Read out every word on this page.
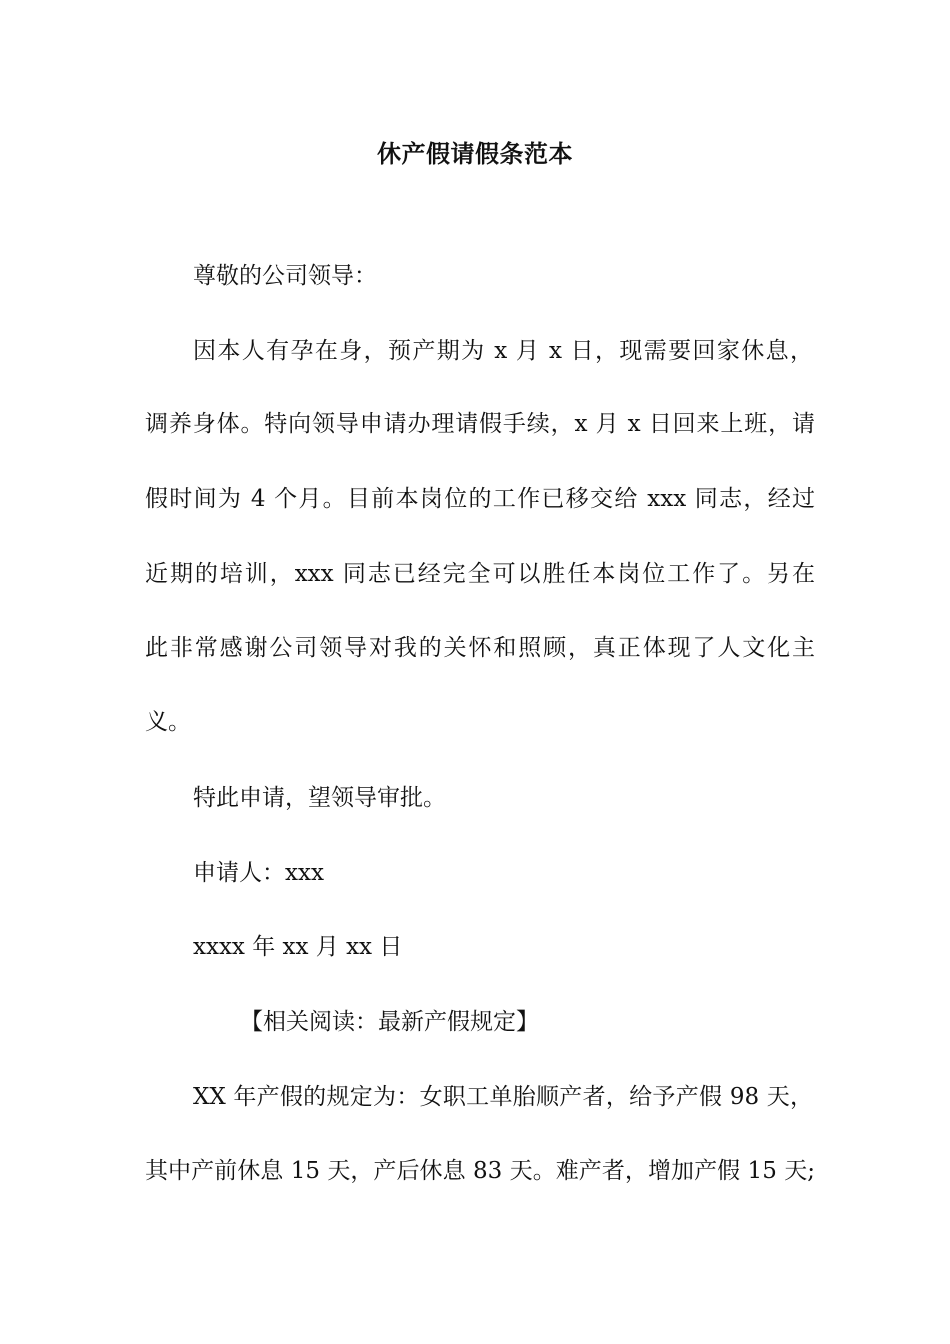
休产假请假条范本
尊敬的公司领导：
因本人有孕在身，预产期为 x 月 x 日，现需要回家休息，
调养身体。特向领导申请办理请假手续，x 月 x 日回来上班，请
假时间为 4 个月。目前本岗位的工作已移交给 xxx 同志，经过
近期的培训，xxx 同志已经完全可以胜任本岗位工作了。另在
此非常感谢公司领导对我的关怀和照顾，真正体现了人文化主
义。
特此申请，望领导审批。
申请人：xxx
xxxx 年 xx 月 xx 日
【相关阅读：最新产假规定】
XX 年产假的规定为：女职工单胎顺产者，给予产假 98 天，
其中产前休息 15 天，产后休息 83 天。难产者，增加产假 15 天;
